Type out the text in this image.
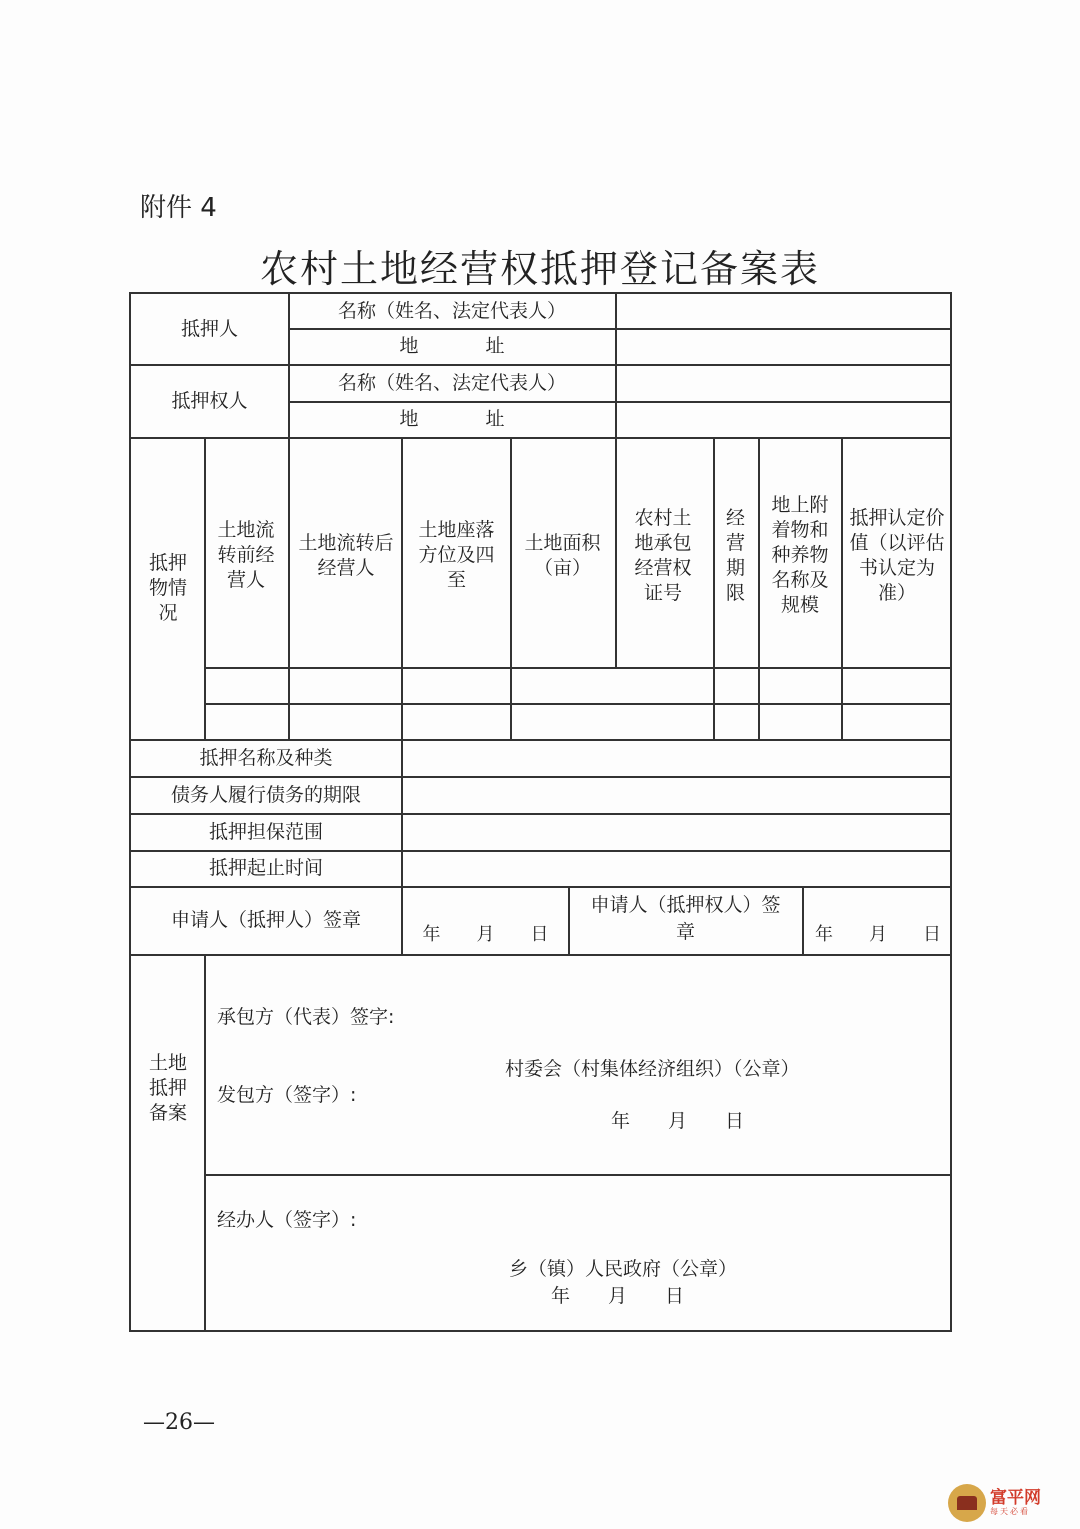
附件 4
农村土地经营权抵押登记备案表
抵押人
名称（姓名、法定代表人）
地　址
抵押权人
名称（姓名、法定代表人）
地　址
抵押物情况
土地流转前经营人
土地流转后经营人
土地座落方位及四至
土地面积（亩）
农村土地承包经营权证号
经营期限
地上附着物和种养物名称及规模
抵押认定价值（以评估书认定为准）
抵押名称及种类
债务人履行债务的期限
抵押担保范围
抵押起止时间
申请人（抵押人）签章
年　　月　　日
申请人（抵押权人）签
章	年　　月　　日
土地抵押备案
承包方（代表）签字:
发包方（签字）:
村委会（村集体经济组织）（公章）
年　　月　　日
经办人（签字）:
乡（镇）人民政府（公章）
年　　月　　日
—26—
富平网
每天必看
